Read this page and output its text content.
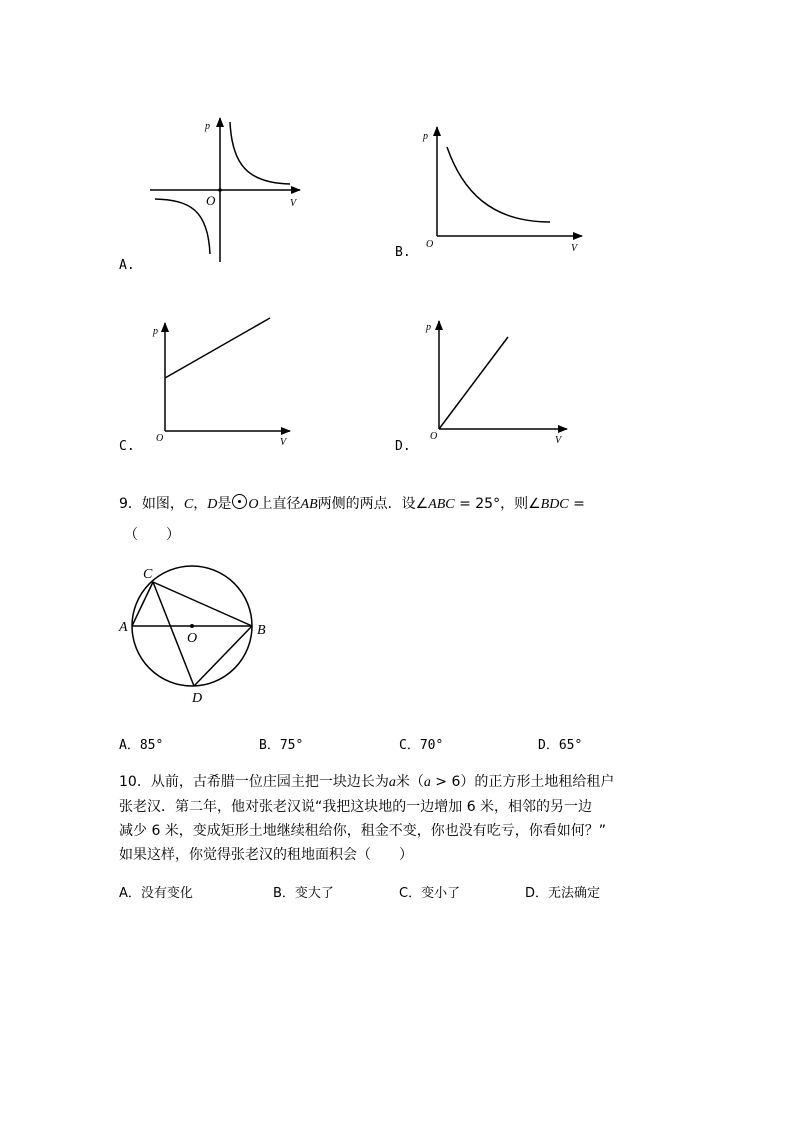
p
O	V
p
O	V
p
O	V
p
O	V
A	B
C
D
O
A.
B.
C.	D.
9．如图，C，D是 O上直径AB两侧的两点．设∠ABC = 25°，则∠BDC =
（　　）
A．85°	B．75°	C．70°	D．65°
10．从前，古希腊一位庄园主把一块边长为a米（a > 6）的正方形土地租给租户
张老汉．第二年，他对张老汉说“我把这块地的一边增加 6 米，相邻的另一边
减少 6 米，变成矩形土地继续租给你，租金不变，你也没有吃亏，你看如何？”
如果这样，你觉得张老汉的租地面积会（　　）
A．没有变化	B．变大了	C．变小了	D．无法确定
